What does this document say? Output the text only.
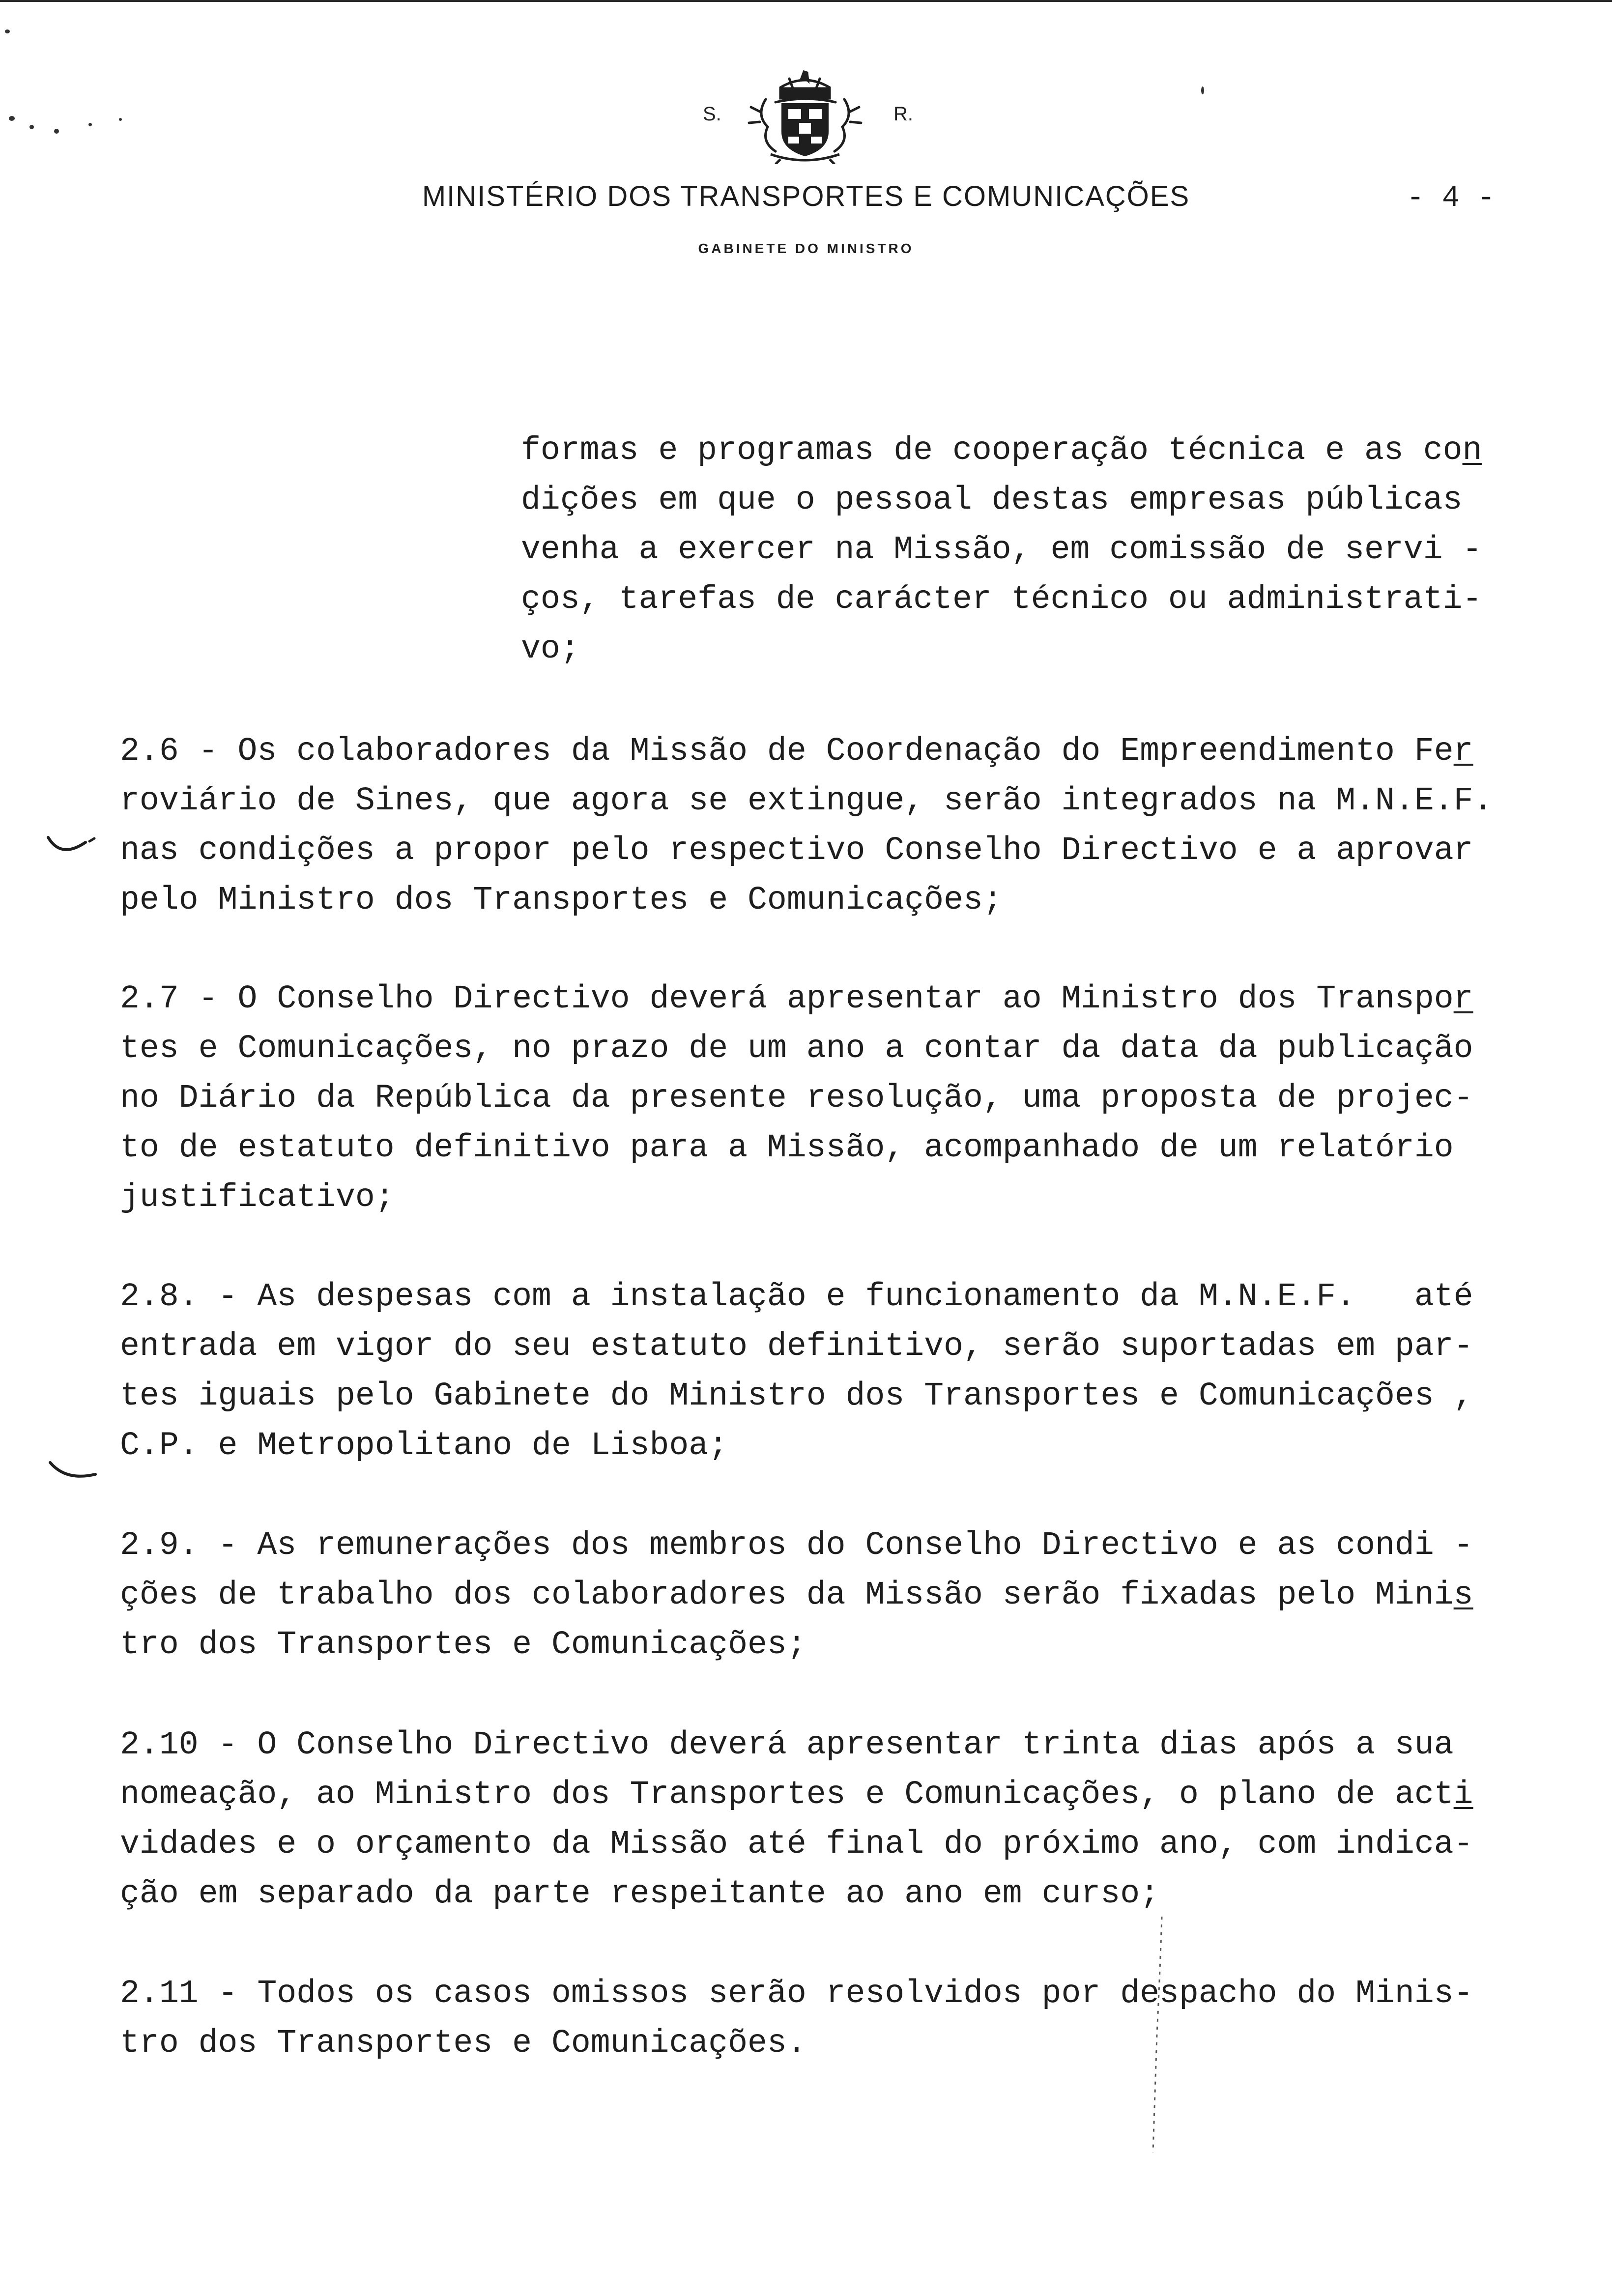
S.	R.
MINISTÉRIO DOS TRANSPORTES E COMUNICAÇÕES	- 4 -
GABINETE DO MINISTRO
formas e programas de cooperação técnica e as con
dições em que o pessoal destas empresas públicas
venha a exercer na Missão, em comissão de servi -
ços, tarefas de carácter técnico ou administrati-
vo;
2.6 - Os colaboradores da Missão de Coordenação do Empreendimento Fer
roviário de Sines, que agora se extingue, serão integrados na M.N.E.F.
nas condições a propor pelo respectivo Conselho Directivo e a aprovar
pelo Ministro dos Transportes e Comunicações;
2.7 - O Conselho Directivo deverá apresentar ao Ministro dos Transpor
tes e Comunicações, no prazo de um ano a contar da data da publicação
no Diário da República da presente resolução, uma proposta de projec-
to de estatuto definitivo para a Missão, acompanhado de um relatório
justificativo;
2.8. - As despesas com a instalação e funcionamento da M.N.E.F.   até
entrada em vigor do seu estatuto definitivo, serão suportadas em par-
tes iguais pelo Gabinete do Ministro dos Transportes e Comunicações ,
C.P. e Metropolitano de Lisboa;
2.9. - As remunerações dos membros do Conselho Directivo e as condi -
ções de trabalho dos colaboradores da Missão serão fixadas pelo Minis
tro dos Transportes e Comunicações;
2.10 - O Conselho Directivo deverá apresentar trinta dias após a sua
nomeação, ao Ministro dos Transportes e Comunicações, o plano de acti
vidades e o orçamento da Missão até final do próximo ano, com indica-
ção em separado da parte respeitante ao ano em curso;
2.11 - Todos os casos omissos serão resolvidos por despacho do Minis-
tro dos Transportes e Comunicações.
